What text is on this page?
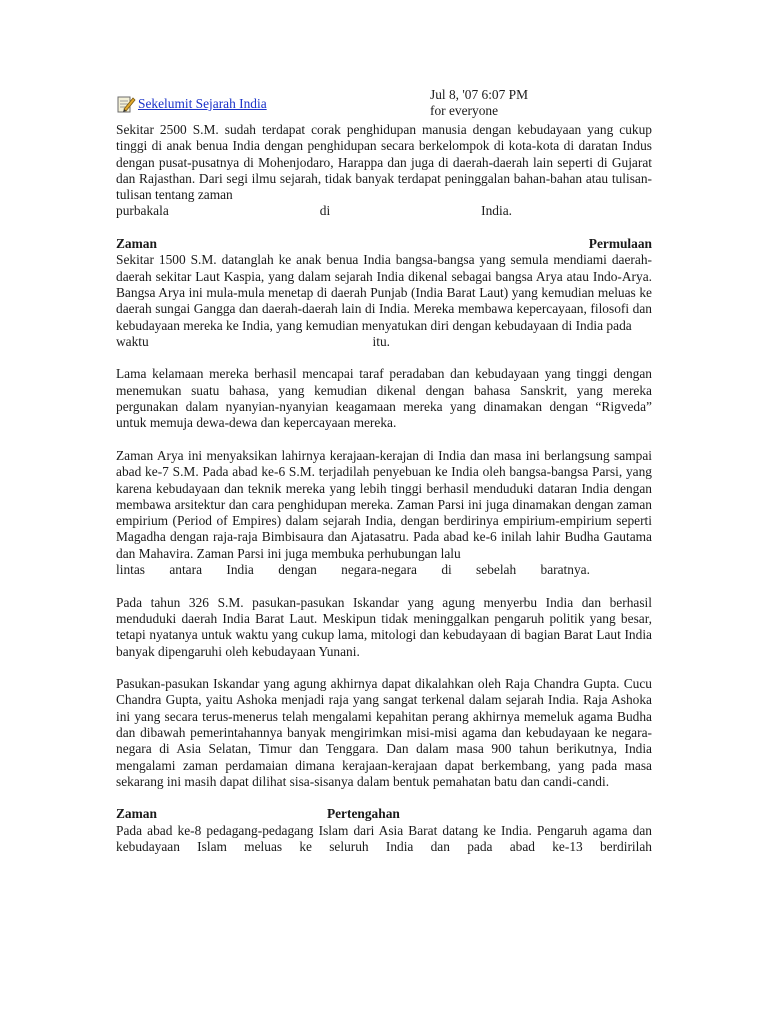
Sekelumit Sejarah India
Jul 8, '07 6:07 PM
for everyone

Sekitar 2500 S.M. sudah terdapat corak penghidupan manusia dengan kebudayaan yang cukup tinggi di anak benua India dengan penghidupan secara berkelompok di kota-kota di daratan Indus dengan pusat-pusatnya di Mohenjodaro, Harappa dan juga di daerah-daerah lain seperti di Gujarat dan Rajasthan. Dari segi ilmu sejarah, tidak banyak terdapat peninggalan bahan-bahan atau tulisan-tulisan tentang zaman

purbakala	di	India.
Zaman	Permulaan

Sekitar 1500 S.M. datanglah ke anak benua India bangsa-bangsa yang semula mendiami daerah-daerah sekitar Laut Kaspia, yang dalam sejarah India dikenal sebagai bangsa Arya atau Indo-Arya. Bangsa Arya ini mula-mula menetap di daerah Punjab (India Barat Laut) yang kemudian meluas ke daerah sungai Gangga dan daerah-daerah lain di India. Mereka membawa kepercayaan, filosofi dan kebudayaan mereka ke India, yang kemudian menyatukan diri dengan kebudayaan di India pada

waktu	itu.

Lama kelamaan mereka berhasil mencapai taraf peradaban dan kebudayaan yang tinggi dengan menemukan suatu bahasa, yang kemudian dikenal dengan bahasa Sanskrit, yang mereka pergunakan dalam nyanyian-nyanyian keagamaan mereka yang dinamakan dengan “Rigveda” untuk memuja dewa-dewa dan kepercayaan mereka.

Zaman Arya ini menyaksikan lahirnya kerajaan-kerajan di India dan masa ini berlangsung sampai abad ke-7 S.M. Pada abad ke-6 S.M. terjadilah penyebuan ke India oleh bangsa-bangsa Parsi, yang karena kebudayaan dan teknik mereka yang lebih tinggi berhasil menduduki dataran India dengan membawa arsitektur dan cara penghidupan mereka. Zaman Parsi ini juga dinamakan dengan zaman empirium (Period of Empires) dalam sejarah India, dengan berdirinya empirium-empirium seperti Magadha dengan raja-raja Bimbisaura dan Ajatasatru. Pada abad ke-6 inilah lahir Budha Gautama dan Mahavira. Zaman Parsi ini juga membuka perhubungan lalu

lintas antara India dengan negara-negara di sebelah baratnya.

Pada tahun 326 S.M. pasukan-pasukan Iskandar yang agung menyerbu India dan berhasil menduduki daerah India Barat Laut. Meskipun tidak meninggalkan pengaruh politik yang besar, tetapi nyatanya untuk waktu yang cukup lama, mitologi dan kebudayaan di bagian Barat Laut India banyak dipengaruhi oleh kebudayaan Yunani.

Pasukan-pasukan Iskandar yang agung akhirnya dapat dikalahkan oleh Raja Chandra Gupta. Cucu Chandra Gupta, yaitu Ashoka menjadi raja yang sangat terkenal dalam sejarah India. Raja Ashoka ini yang secara terus-menerus telah mengalami kepahitan perang akhirnya memeluk agama Budha dan dibawah pemerintahannya banyak mengirimkan misi-misi agama dan kebudayaan ke negara-negara di Asia Selatan, Timur dan Tenggara. Dan dalam masa 900 tahun berikutnya, India mengalami zaman perdamaian dimana kerajaan-kerajaan dapat berkembang, yang pada masa sekarang ini masih dapat dilihat sisa-sisanya dalam bentuk pemahatan batu dan candi-candi.

Zaman	Pertengahan

Pada abad ke-8 pedagang-pedagang Islam dari Asia Barat datang ke India. Pengaruh agama dan kebudayaan Islam meluas ke seluruh India dan pada abad ke-13 berdirilah
